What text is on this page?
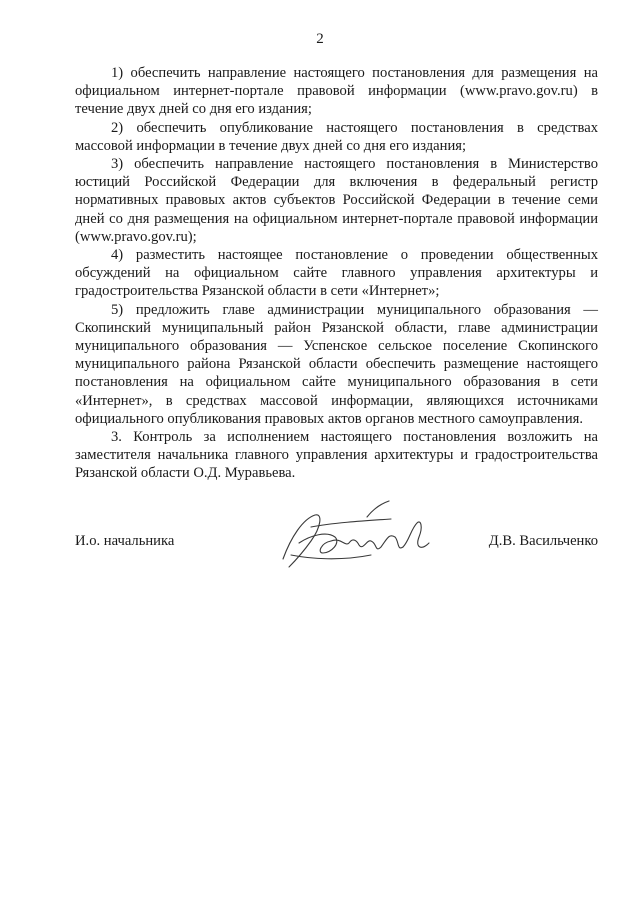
2

1) обеспечить направление настоящего постановления для размещения на официальном интернет-портале правовой информации (www.pravo.gov.ru) в течение двух дней со дня его издания;

2) обеспечить опубликование настоящего постановления в средствах массовой информации в течение двух дней со дня его издания;

3) обеспечить направление настоящего постановления в Министерство юстиций Российской Федерации для включения в федеральный регистр нормативных правовых актов субъектов Российской Федерации в течение семи дней со дня размещения на официальном интернет-портале правовой информации (www.pravo.gov.ru);

4) разместить настоящее постановление о проведении общественных обсуждений на официальном сайте главного управления архитектуры и градостроительства Рязанской области в сети «Интернет»;

5) предложить главе администрации муниципального образования — Скопинский муниципальный район Рязанской области, главе администрации муниципального образования — Успенское сельское поселение Скопинского муниципального района Рязанской области обеспечить размещение настоящего постановления на официальном сайте муниципального образования в сети «Интернет», в средствах массовой информации, являющихся источниками официального опубликования правовых актов органов местного самоуправления.

3. Контроль за исполнением настоящего постановления возложить на заместителя начальника главного управления архитектуры и градостроительства Рязанской области О.Д. Муравьева.

И.о. начальника	Д.В. Васильченко
